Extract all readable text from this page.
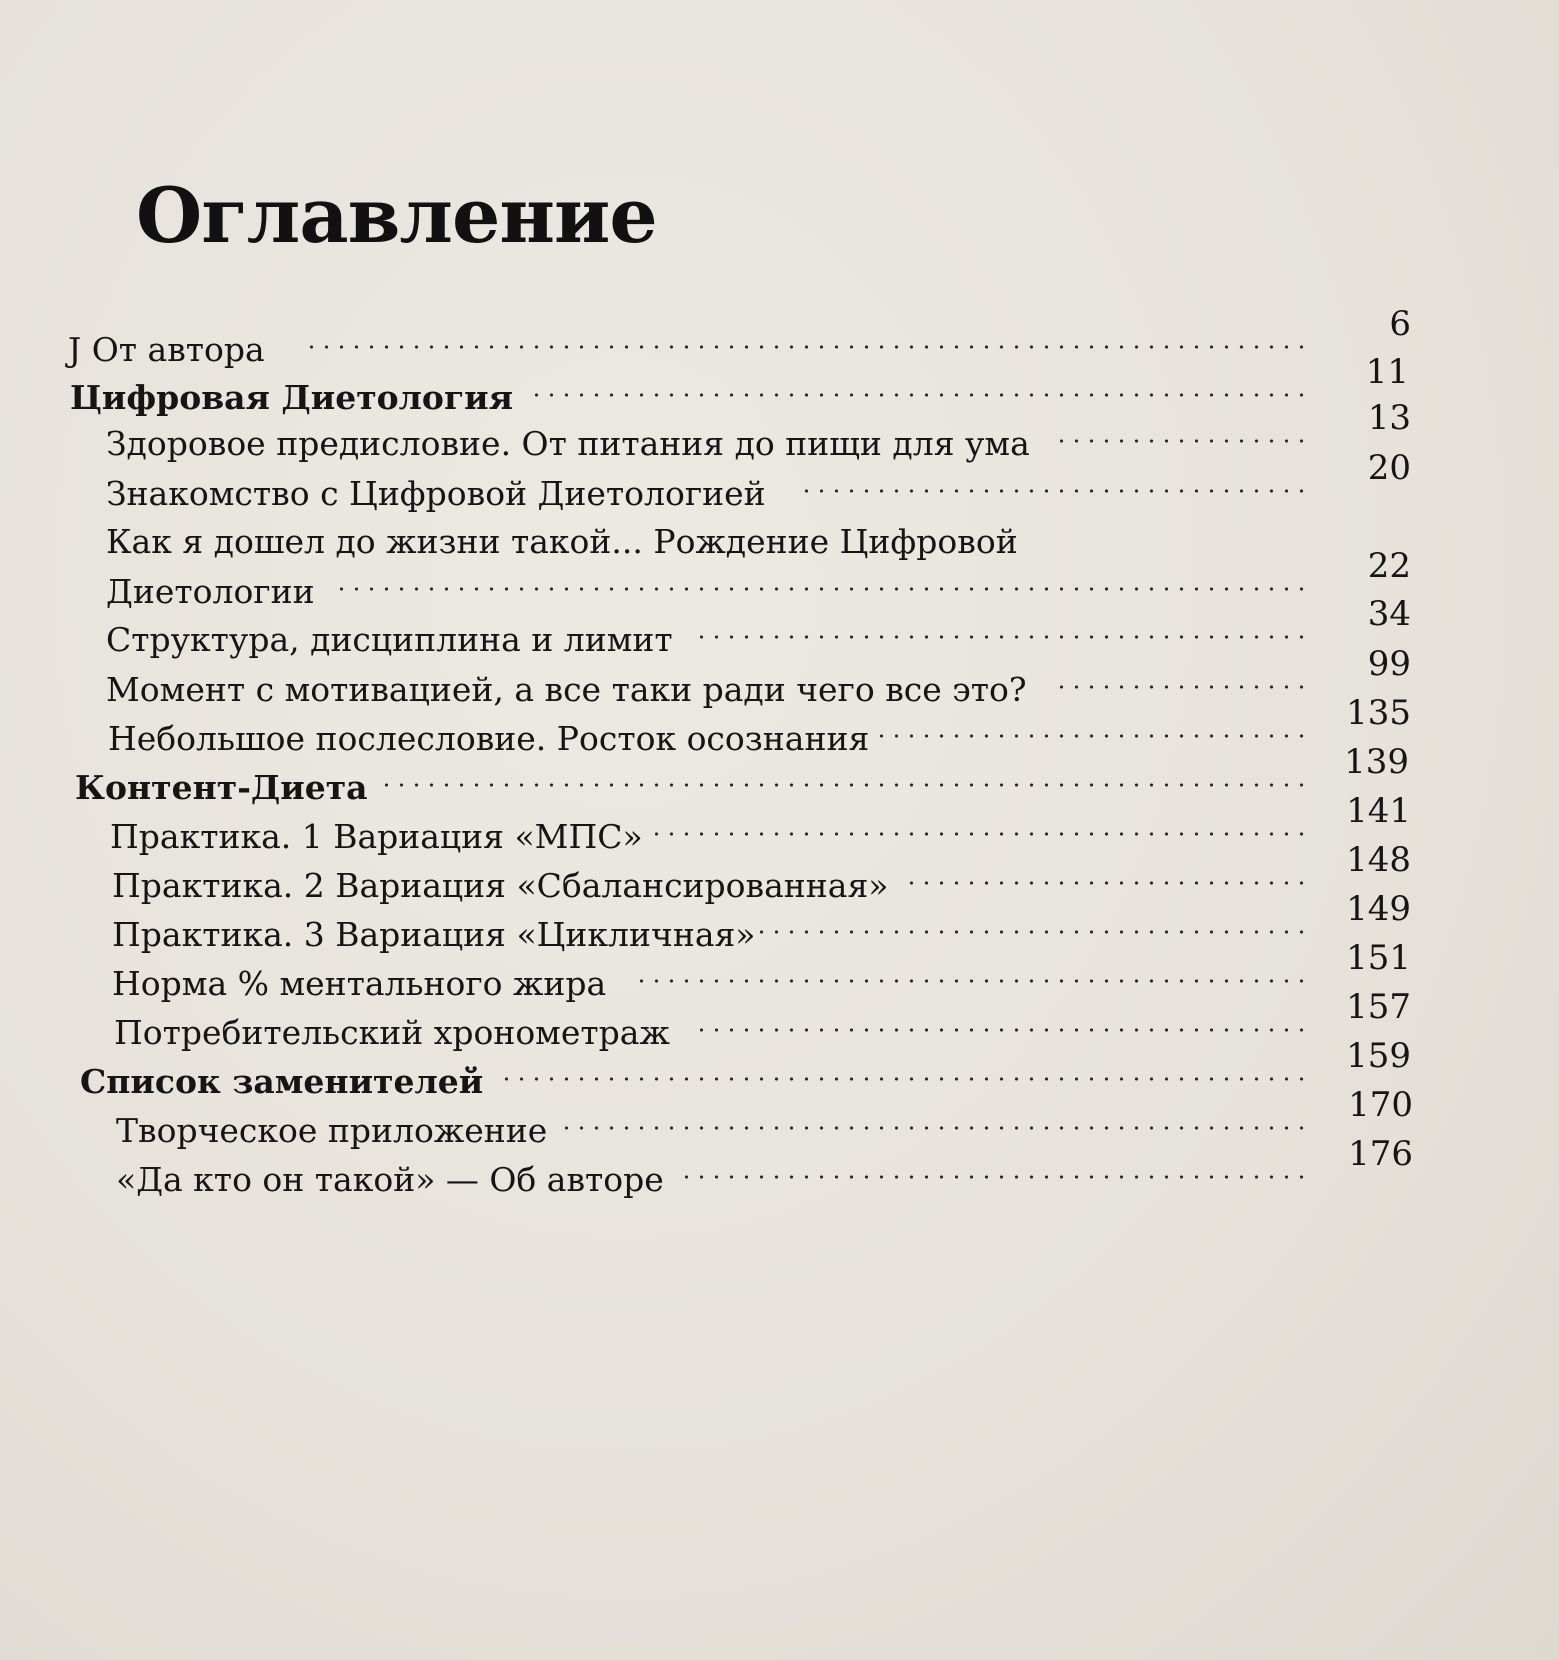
Оглавление
J От автора
6
Цифровая Диетология
11
Здоровое предисловие. От питания до пищи для ума
13
Знакомство с Цифровой Диетологией
20
Как я дошел до жизни такой... Рождение Цифровой
Диетологии
22
Структура, дисциплина и лимит
34
Момент с мотивацией, а все таки ради чего все это?
99
Небольшое послесловие. Росток осознания
135
Контент-Диета
139
Практика. 1 Вариация «МПС»
141
Практика. 2 Вариация «Сбалансированная»
148
Практика. 3 Вариация «Цикличная»
149
Норма % ментального жира
151
Потребительский хронометраж
157
Список заменителей
159
Творческое приложение
170
«Да кто он такой» — Об авторе
176
